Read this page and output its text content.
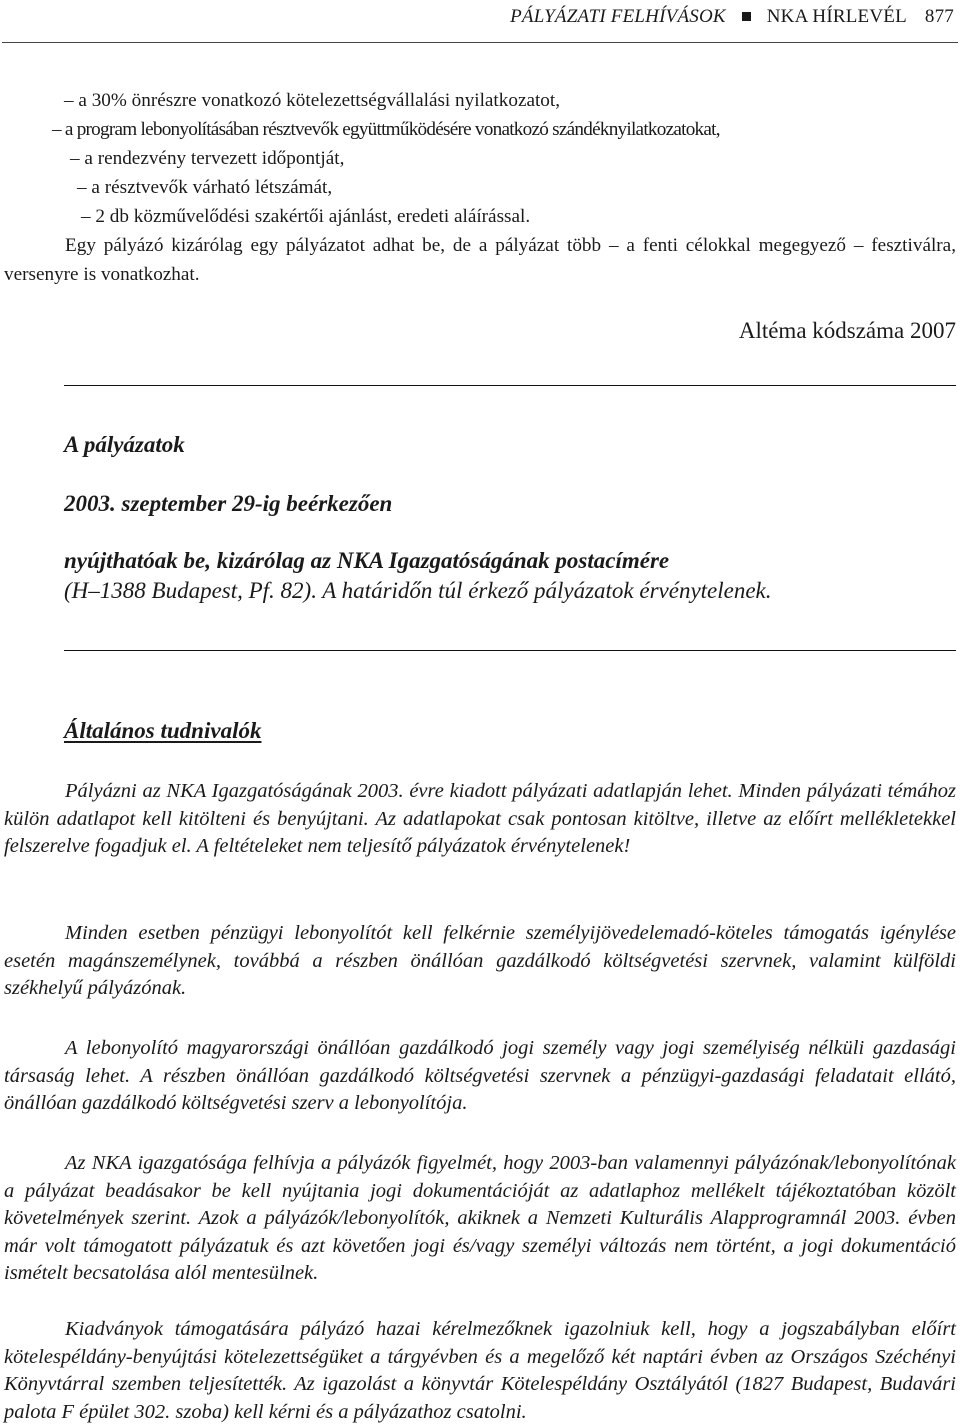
PÁLYÁZATI FELHÍVÁSOK NKA HÍRLEVÉL 877
– a 30% önrészre vonatkozó kötelezettségvállalási nyilatkozatot,
– a program lebonyolításában résztvevők együttműködésére vonatkozó szándéknyilatkozatokat,
– a rendezvény tervezett időpontját,
– a résztvevők várható létszámát,
– 2 db közművelődési szakértői ajánlást, eredeti aláírással.
Egy pályázó kizárólag egy pályázatot adhat be, de a pályázat több – a fenti célokkal megegyező – fesztiválra, versenyre is vonatkozhat.
Altéma kódszáma 2007
A pályázatok
2003. szeptember 29-ig beérkezően
nyújthatóak be, kizárólag az NKA Igazgatóságának postacímére
(H–1388 Budapest, Pf. 82). A határidőn túl érkező pályázatok érvénytelenek.
Általános tudnivalók
Pályázni az NKA Igazgatóságának 2003. évre kiadott pályázati adatlapján lehet. Minden pályázati témához külön adatlapot kell kitölteni és benyújtani. Az adatlapokat csak pontosan kitöltve, illetve az előírt mellékletekkel felszerelve fogadjuk el. A feltételeket nem teljesítő pályázatok érvénytelenek!
Minden esetben pénzügyi lebonyolítót kell felkérnie személyijövedelemadó-köteles támogatás igénylése esetén magánszemélynek, továbbá a részben önállóan gazdálkodó költségvetési szervnek, valamint külföldi székhelyű pályázónak.
A lebonyolító magyarországi önállóan gazdálkodó jogi személy vagy jogi személyiség nélküli gazdasági társaság lehet. A részben önállóan gazdálkodó költségvetési szervnek a pénzügyi-gazdasági feladatait ellátó, önállóan gazdálkodó költségvetési szerv a lebonyolítója.
Az NKA igazgatósága felhívja a pályázók figyelmét, hogy 2003-ban valamennyi pályázónak/lebonyolítónak a pályázat beadásakor be kell nyújtania jogi dokumentációját az adatlaphoz mellékelt tájékoztatóban közölt követelmények szerint. Azok a pályázók/lebonyolítók, akiknek a Nemzeti Kulturális Alapprogramnál 2003. évben már volt támogatott pályázatuk és azt követően jogi és/vagy személyi változás nem történt, a jogi dokumentáció ismételt becsatolása alól mentesülnek.
Kiadványok támogatására pályázó hazai kérelmezőknek igazolniuk kell, hogy a jogszabályban előírt kötelespéldány-benyújtási kötelezettségüket a tárgyévben és a megelőző két naptári évben az Országos Széchényi Könyvtárral szemben teljesítették. Az igazolást a könyvtár Kötelespéldány Osztályától (1827 Budapest, Budavári palota F épület 302. szoba) kell kérni és a pályázathoz csatolni.
